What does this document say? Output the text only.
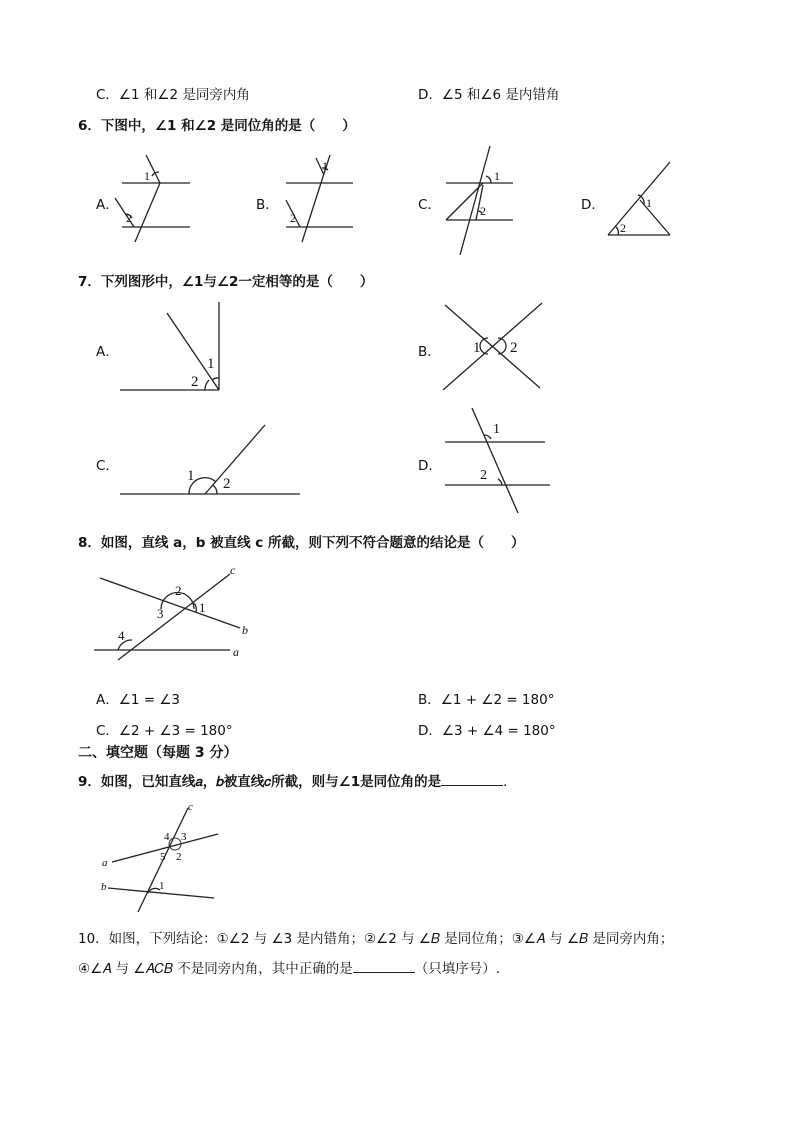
C．∠1 和∠2 是同旁内角	D．∠5 和∠6 是内错角
6．下图中，∠1 和∠2 是同位角的是（　　）
A．	B．	C．	D．
1
2
1
2
1
2
1
2
7．下列图形中，∠1与∠2一定相等的是（　　）
A．	B．
C．	D．
1
2
1 2
1 2
1
2
8．如图，直线 a，b 被直线 c 所截，则下列不符合题意的结论是（　　）
2
1
3
4
c
b
a
A．∠1 = ∠3	B．∠1 + ∠2 = 180°
C．∠2 + ∠3 = 180°	D．∠3 + ∠4 = 180°
二、填空题（每题 3 分）
9．如图，已知直线𝑎，𝑏被直线𝑐所截，则与∠1是同位角的是	．
c
a
b
4 3
5 2
1
10．如图，下列结论：①∠2 与 ∠3 是内错角；②∠2 与 ∠𝐵 是同位角；③∠𝐴 与 ∠𝐵 是同旁内角；
④∠𝐴 与 ∠𝐴𝐶𝐵 不是同旁内角，其中正确的是	（只填序号）.
